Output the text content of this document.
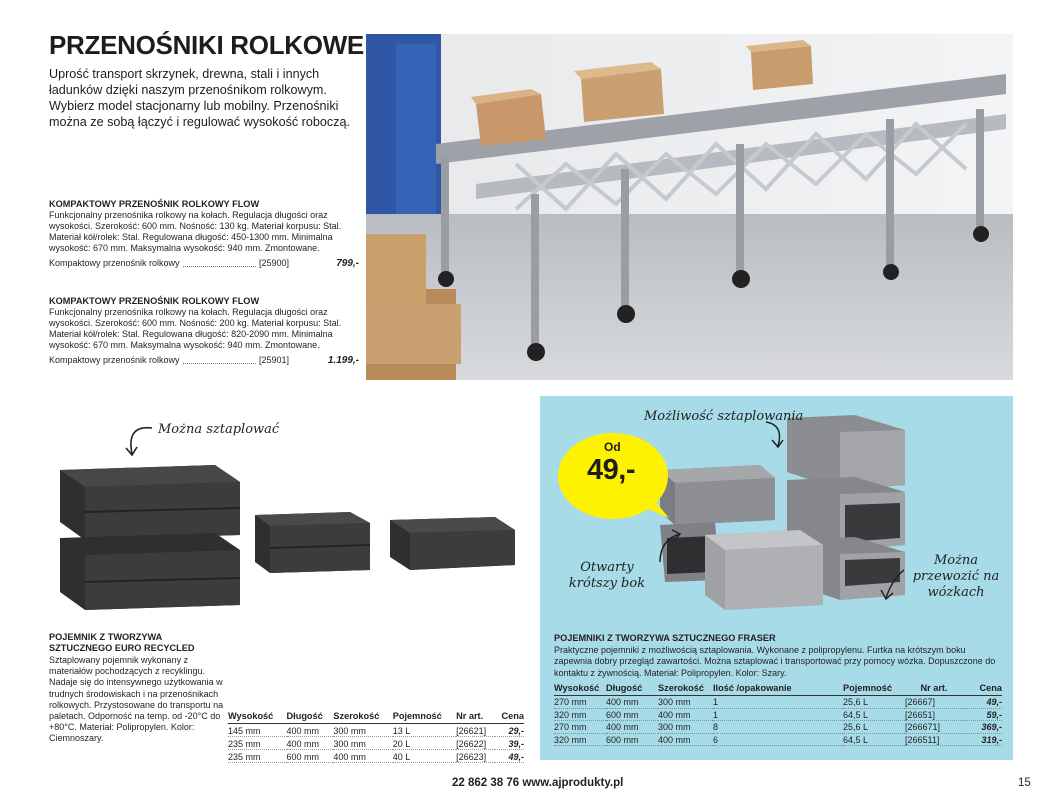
PRZENOŚNIKI ROLKOWE

Uprość transport skrzynek, drewna, stali i innych ładunków dzięki naszym przenośnikom rolkowym. Wybierz model stacjonarny lub mobilny. Przenośniki można ze sobą łączyć i regulować wysokość roboczą.

KOMPAKTOWY PRZENOŚNIK ROLKOWY FLOW

Funkcjonalny przenośnika rolkowy na kołach. Regulacja długości oraz wysokości. Szerokość: 600 mm. Nośność: 130 kg. Materiał korpusu: Stal. Materiał kół/rolek: Stal. Regulowana długość: 450-1300 mm. Minimalna wysokość: 670 mm. Maksymalna wysokość: 940 mm. Zmontowane.

Kompaktowy przenośnik rolkowy	[25900]	799,-
KOMPAKTOWY PRZENOŚNIK ROLKOWY FLOW

Funkcjonalny przenośnika rolkowy na kołach. Regulacja długości oraz wysokości. Szerokość: 600 mm. Nośność: 200 kg. Materiał korpusu: Stal. Materiał kół/rolek: Stal. Regulowana długość: 820-2090 mm. Minimalna wysokość: 670 mm. Maksymalna wysokość: 940 mm. Zmontowane.

Kompaktowy przenośnik rolkowy	[25901]	1.199,-
Można sztaplować
POJEMNIK Z TWORZYWA SZTUCZNEGO EURO RECYCLED

Sztaplowany pojemnik wykonany z materiałów pochodzących z recyklingu. Nadaje się do intensywnego użytkowania w trudnych środowiskach i na przenośnikach rolkowych. Przystosowane do transportu na paletach. Odporność na temp. od -20°C do +80°C. Materiał: Polipropylen. Kolor: Ciemnoszary.

Wysokość	Długość	Szerokość	Pojemność	Nr art.	Cena
145 mm	400 mm	300 mm	13 L	[26621]	29,-
235 mm	400 mm	300 mm	20 L	[26622]	39,-
235 mm	600 mm	400 mm	40 L	[26623]	49,-
Od
49,-
Możliwość sztaplowania
Otwarty krótszy bok
Można przewozić na wózkach
POJEMNIKI Z TWORZYWA SZTUCZNEGO FRASER

Praktyczne pojemniki z możliwością sztaplowania. Wykonane z polipropylenu. Furtka na krótszym boku zapewnia dobry przegląd zawartości. Można sztaplować i transportować przy pomocy wózka. Dopuszczone do kontaktu z żywnością. Materiał: Polipropylen. Kolor: Szary.

Wysokość	Długość	Szerokość	Ilość /opakowanie	Pojemność	Nr art.	Cena
270 mm	400 mm	300 mm	1	25,6 L	[26667]	49,-
320 mm	600 mm	400 mm	1	64,5 L	[26651]	59,-
270 mm	400 mm	300 mm	8	25,6 L	[266671]	369,-
320 mm	600 mm	400 mm	6	64,5 L	[266511]	319,-
22 862 38 76 www.ajprodukty.pl	15
